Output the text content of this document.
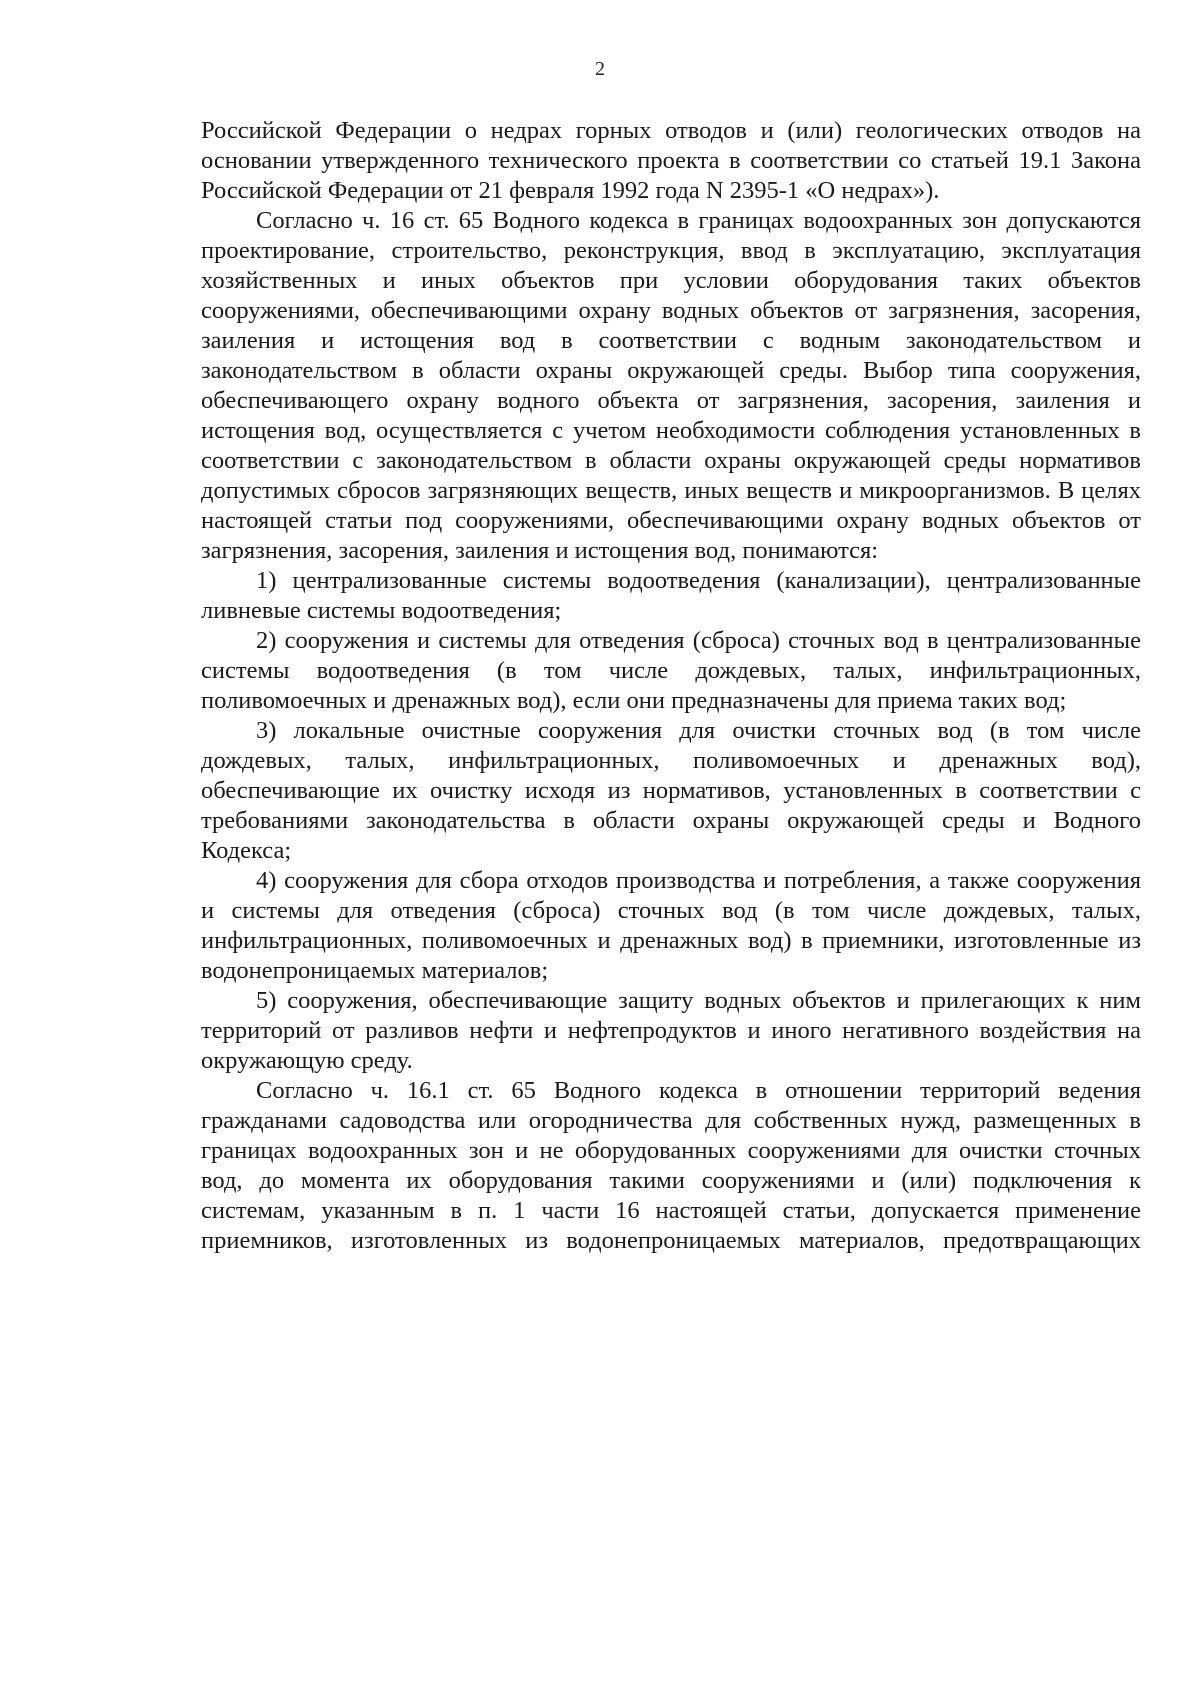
2

Российской Федерации о недрах горных отводов и (или) геологических отводов на основании утвержденного технического проекта в соответствии со статьей 19.1 Закона Российской Федерации от 21 февраля 1992 года N 2395-1 «О недрах»).

Согласно ч. 16 ст. 65 Водного кодекса в границах водоохранных зон допускаются проектирование, строительство, реконструкция, ввод в эксплуатацию, эксплуатация хозяйственных и иных объектов при условии оборудования таких объектов сооружениями, обеспечивающими охрану водных объектов от загрязнения, засорения, заиления и истощения вод в соответствии с водным законодательством и законодательством в области охраны окружающей среды. Выбор типа сооружения, обеспечивающего охрану водного объекта от загрязнения, засорения, заиления и истощения вод, осуществляется с учетом необходимости соблюдения установленных в соответствии с законодательством в области охраны окружающей среды нормативов допустимых сбросов загрязняющих веществ, иных веществ и микроорганизмов. В целях настоящей статьи под сооружениями, обеспечивающими охрану водных объектов от загрязнения, засорения, заиления и истощения вод, понимаются:

1) централизованные системы водоотведения (канализации), централизованные ливневые системы водоотведения;

2) сооружения и системы для отведения (сброса) сточных вод в централизованные системы водоотведения (в том числе дождевых, талых, инфильтрационных, поливомоечных и дренажных вод), если они предназначены для приема таких вод;

3) локальные очистные сооружения для очистки сточных вод (в том числе дождевых, талых, инфильтрационных, поливомоечных и дренажных вод), обеспечивающие их очистку исходя из нормативов, установленных в соответствии с требованиями законодательства в области охраны окружающей среды и Водного Кодекса;

4) сооружения для сбора отходов производства и потребления, а также сооружения и системы для отведения (сброса) сточных вод (в том числе дождевых, талых, инфильтрационных, поливомоечных и дренажных вод) в приемники, изготовленные из водонепроницаемых материалов;

5) сооружения, обеспечивающие защиту водных объектов и прилегающих к ним территорий от разливов нефти и нефтепродуктов и иного негативного воздействия на окружающую среду.

Согласно ч. 16.1 ст. 65 Водного кодекса в отношении территорий ведения гражданами садоводства или огородничества для собственных нужд, размещенных в границах водоохранных зон и не оборудованных сооружениями для очистки сточных вод, до момента их оборудования такими сооружениями и (или) подключения к системам, указанным в п. 1 части 16 настоящей статьи, допускается применение приемников, изготовленных из водонепроницаемых материалов, предотвращающих
